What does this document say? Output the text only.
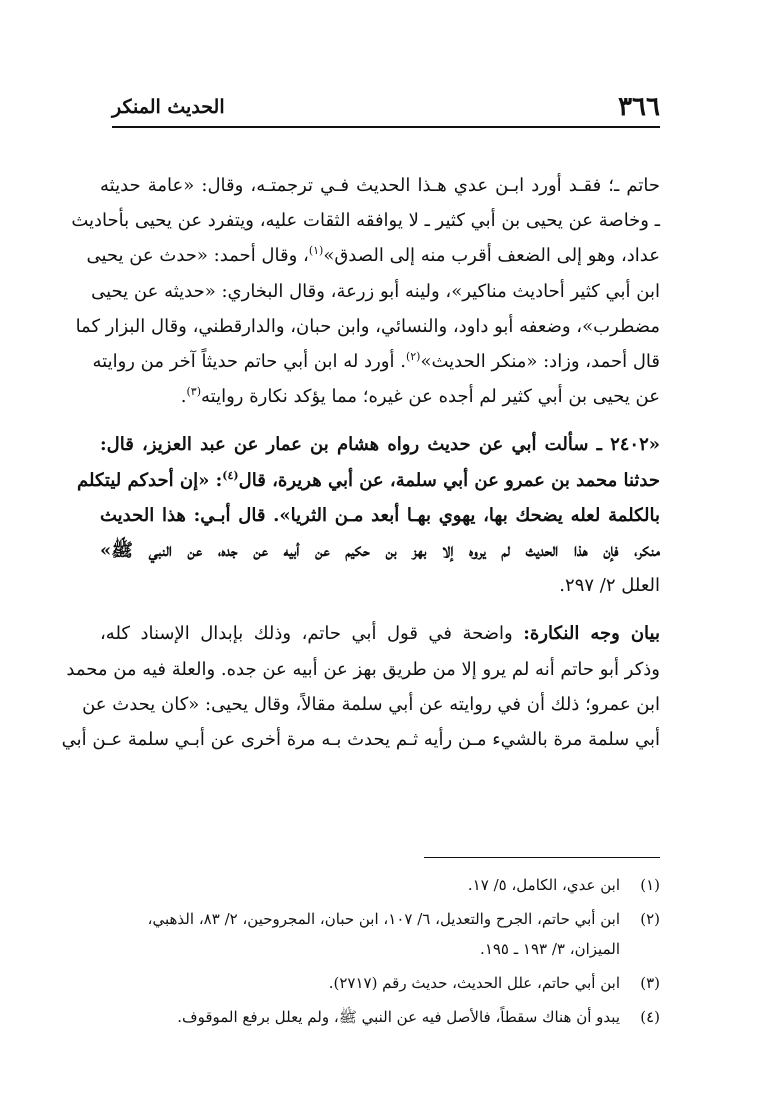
٣٦٦
الحديث المنكر

حاتم ـ؛ فقـد أورد ابـن عدي هـذا الحديث فـي ترجمتـه، وقال: «عامة حديثه
ـ وخاصة عن يحيى بن أبي كثير ـ لا يوافقه الثقات عليه، ويتفرد عن يحيى بأحاديث
عداد، وهو إلى الضعف أقرب منه إلى الصدق»$^{(١)}$، وقال أحمد: «حدث عن يحيى
ابن أبي كثير أحاديث مناكير»، ولينه أبو زرعة، وقال البخاري: «حديثه عن يحيى
مضطرب»، وضعفه أبو داود، والنسائي، وابن حبان، والدارقطني، وقال البزار كما
قال أحمد، وزاد: «منكر الحديث»$^{(٢)}$. أورد له ابن أبي حاتم حديثاً آخر من روايته
عن يحيى بن أبي كثير لم أجده عن غيره؛ مما يؤكد نكارة روايته$^{(٣)}$.

«٢٤٠٢ ـ سألت أبي عن حديث رواه هشام بن عمار عن عبد العزيز، قال:
حدثنا محمد بن عمرو عن أبي سلمة، عن أبي هريرة، قال$^{(٤)}$: «إن أحدكم ليتكلم
بالكلمة لعله يضحك بها، يهوي بهـا أبعد مـن الثريا». قال أبـي: هذا الحديث
منكر، فإن هذا الحديث لم يروه إلا بهز بن حكيم عن أبيه عن جده، عن النبي ﷺ»
العلل ٢/ ٢٩٧.

بيان وجه النكارة: واضحة في قول أبي حاتم، وذلك بإبدال الإسناد كله،
وذكر أبو حاتم أنه لم يرو إلا من طريق بهز عن أبيه عن جده. والعلة فيه من محمد
ابن عمرو؛ ذلك أن في روايته عن أبي سلمة مقالاً، وقال يحيى: «كان يحدث عن
أبي سلمة مرة بالشيء مـن رأيه ثـم يحدث بـه مرة أخرى عن أبـي سلمة عـن أبي

(١)
ابن عدي، الكامل، ٥/ ١٧.
(٢)
ابن أبي حاتم، الجرح والتعديل، ٦/ ١٠٧، ابن حبان، المجروحين، ٢/ ٨٣، الذهبي، الميزان، ٣/ ١٩٣ ـ ١٩٥.
(٣)
ابن أبي حاتم، علل الحديث، حديث رقم (٢٧١٧).
(٤)
يبدو أن هناك سقطاً، فالأصل فيه عن النبي ﷺ، ولم يعلل برفع الموقوف.
